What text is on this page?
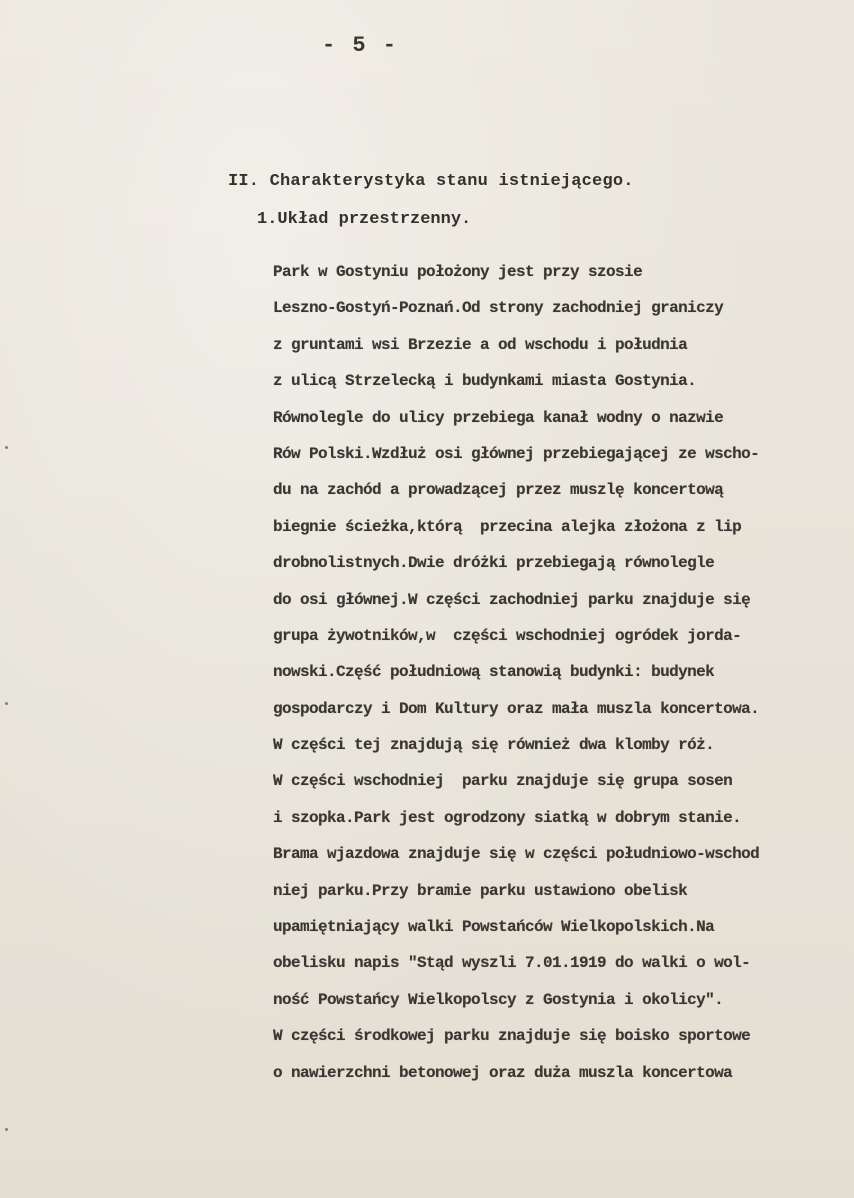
- 5 -
II. Charakterystyka stanu istniejącego.
1.Układ przestrzenny.
Park w Gostyniu położony jest przy szosie
Leszno-Gostyń-Poznań.Od strony zachodniej graniczy
z gruntami wsi Brzezie a od wschodu i południa
z ulicą Strzelecką i budynkami miasta Gostynia.
Równolegle do ulicy przebiega kanał wodny o nazwie
Rów Polski.Wzdłuż osi głównej przebiegającej ze wscho-
du na zachód a prowadzącej przez muszlę koncertową
biegnie ścieżka,którą  przecina alejka złożona z lip
drobnolistnych.Dwie dróżki przebiegają równolegle
do osi głównej.W części zachodniej parku znajduje się
grupa żywotników,w  części wschodniej ogródek jorda-
nowski.Część południową stanowią budynki: budynek
gospodarczy i Dom Kultury oraz mała muszla koncertowa.
W części tej znajdują się również dwa klomby róż.
W części wschodniej  parku znajduje się grupa sosen
i szopka.Park jest ogrodzony siatką w dobrym stanie.
Brama wjazdowa znajduje się w części południowo-wschod
niej parku.Przy bramie parku ustawiono obelisk
upamiętniający walki Powstańców Wielkopolskich.Na
obelisku napis "Stąd wyszli 7.01.1919 do walki o wol-
ność Powstańcy Wielkopolscy z Gostynia i okolicy".
W części środkowej parku znajduje się boisko sportowe
o nawierzchni betonowej oraz duża muszla koncertowa
